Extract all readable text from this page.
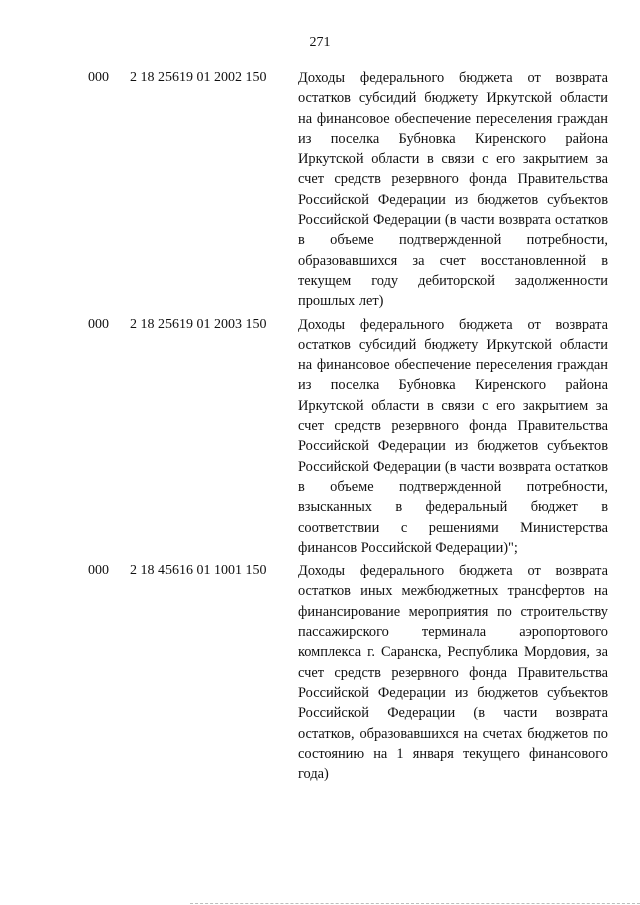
271
000 2 18 25619 01 2002 150 Доходы федерального бюджета от возврата остатков субсидий бюджету Иркутской области на финансовое обеспечение переселения граждан из поселка Бубновка Киренского района Иркутской области в связи с его закрытием за счет средств резервного фонда Правительства Российской Федерации из бюджетов субъектов Российской Федерации (в части возврата остатков в объеме подтвержденной потребности, образовавшихся за счет восстановленной в текущем году дебиторской задолженности прошлых лет)
000 2 18 25619 01 2003 150 Доходы федерального бюджета от возврата остатков субсидий бюджету Иркутской области на финансовое обеспечение переселения граждан из поселка Бубновка Киренского района Иркутской области в связи с его закрытием за счет средств резервного фонда Правительства Российской Федерации из бюджетов субъектов Российской Федерации (в части возврата остатков в объеме подтвержденной потребности, взысканных в федеральный бюджет в соответствии с решениями Министерства финансов Российской Федерации)";
000 2 18 45616 01 1001 150 Доходы федерального бюджета от возврата остатков иных межбюджетных трансфертов на финансирование мероприятия по строительству пассажирского терминала аэропортового комплекса г. Саранска, Республика Мордовия, за счет средств резервного фонда Правительства Российской Федерации из бюджетов субъектов Российской Федерации (в части возврата остатков, образовавшихся на счетах бюджетов по состоянию на 1 января текущего финансового года)
